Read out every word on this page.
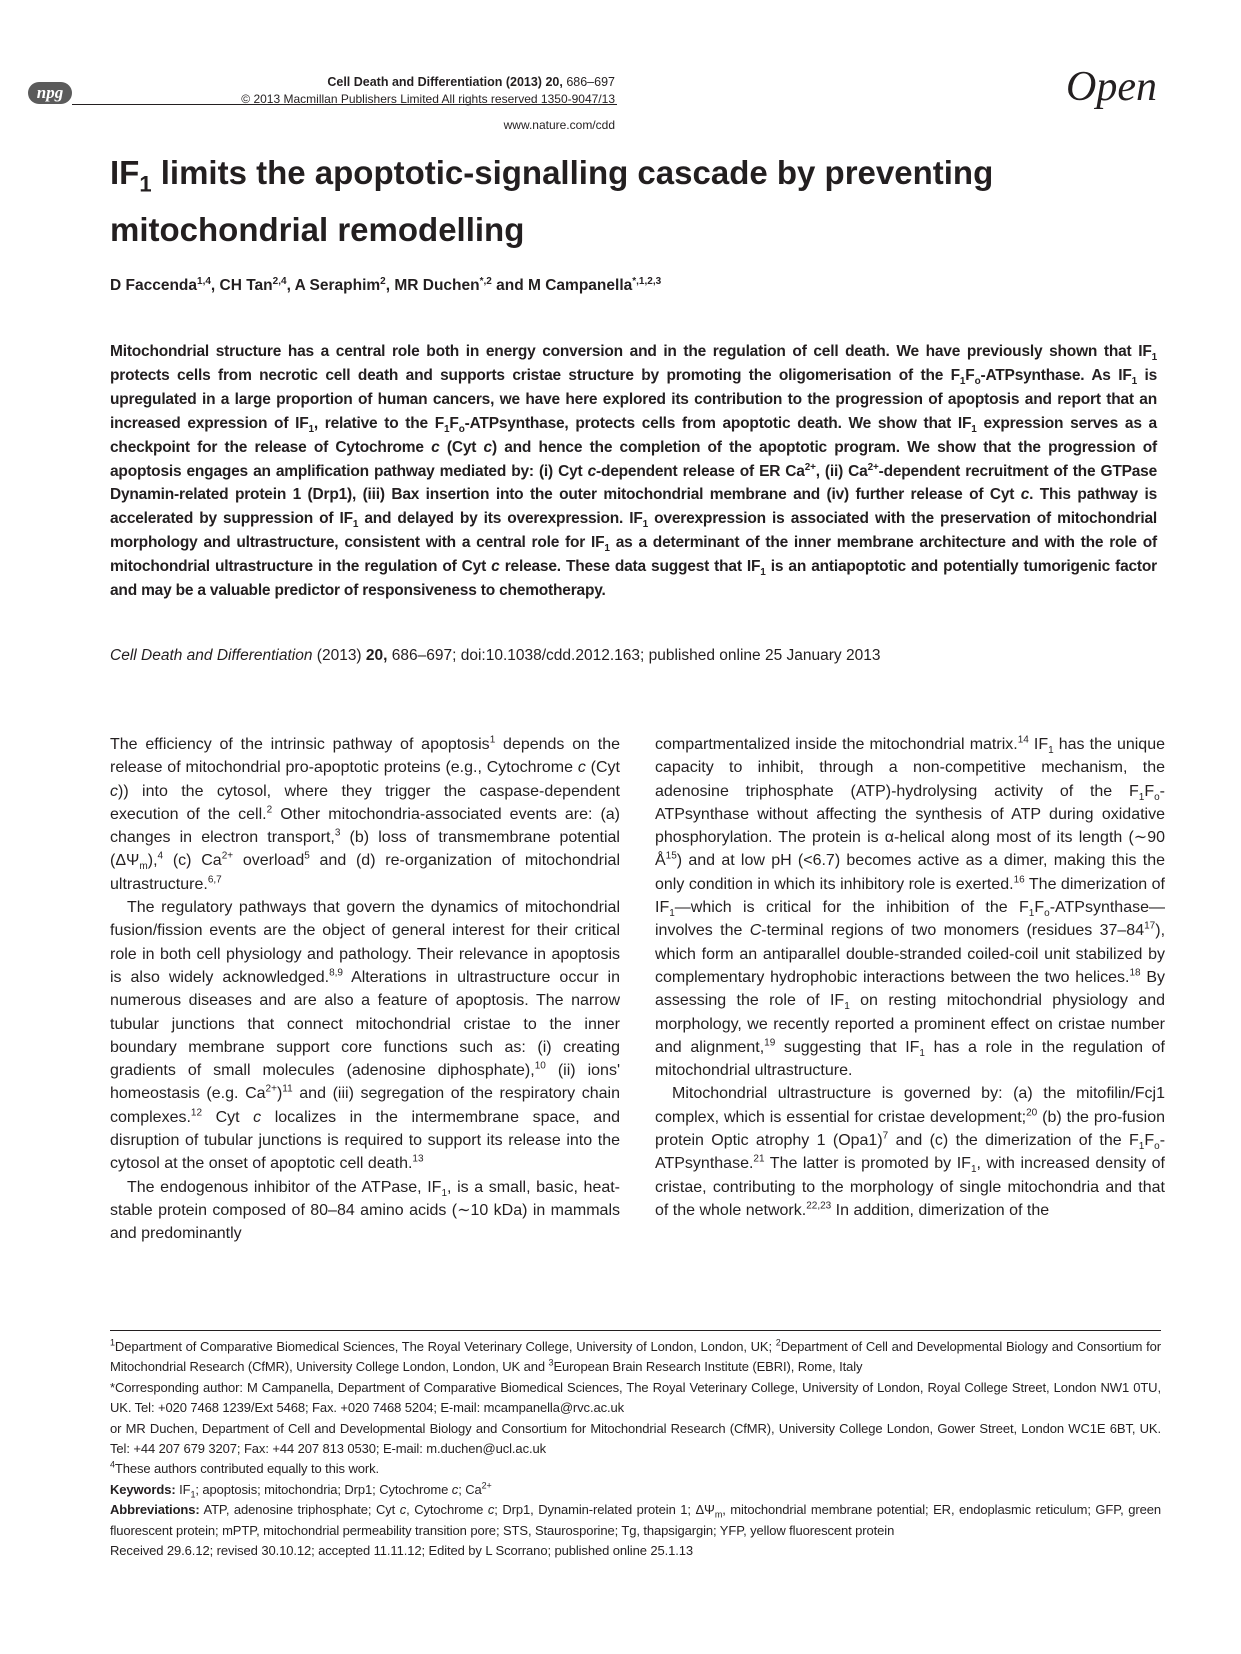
npg
Cell Death and Differentiation (2013) 20, 686–697
© 2013 Macmillan Publishers Limited All rights reserved 1350-9047/13
www.nature.com/cdd
Open
$IF_1$ limits the apoptotic-signalling cascade by preventing mitochondrial remodelling
D Faccenda$^{1,4}$, CH Tan$^{2,4}$, A Seraphim$^2$, MR Duchen$^{*,2}$ and M Campanella$^{*,1,2,3}$

Mitochondrial structure has a central role both in energy conversion and in the regulation of cell death. We have previously shown that $IF_1$ protects cells from necrotic cell death and supports cristae structure by promoting the oligomerisation of the $F_1F_o$-ATPsynthase. As $IF_1$ is upregulated in a large proportion of human cancers, we have here explored its contribution to the progression of apoptosis and report that an increased expression of $IF_1$, relative to the $F_1F_o$-ATPsynthase, protects cells from apoptotic death. We show that $IF_1$ expression serves as a checkpoint for the release of Cytochrome c (Cyt c) and hence the completion of the apoptotic program. We show that the progression of apoptosis engages an amplification pathway mediated by: (i) Cyt c-dependent release of ER $Ca^{2+}$, (ii) $Ca^{2+}$-dependent recruitment of the GTPase Dynamin-related protein 1 (Drp1), (iii) Bax insertion into the outer mitochondrial membrane and (iv) further release of Cyt c. This pathway is accelerated by suppression of $IF_1$ and delayed by its overexpression. $IF_1$ overexpression is associated with the preservation of mitochondrial morphology and ultrastructure, consistent with a central role for $IF_1$ as a determinant of the inner membrane architecture and with the role of mitochondrial ultrastructure in the regulation of Cyt c release. These data suggest that $IF_1$ is an antiapoptotic and potentially tumorigenic factor and may be a valuable predictor of responsiveness to chemotherapy.

Cell Death and Differentiation (2013) 20, 686–697; doi:10.1038/cdd.2012.163; published online 25 January 2013

The efficiency of the intrinsic pathway of apoptosis$^1$ depends on the release of mitochondrial pro-apoptotic proteins (e.g., Cytochrome c (Cyt c)) into the cytosol, where they trigger the caspase-dependent execution of the cell.$^2$ Other mitochondria-associated events are: (a) changes in electron transport,$^3$ (b) loss of transmembrane potential $(\Delta\Psi_m),^4$ (c) $Ca^{2+}$ overload$^5$ and (d) re-organization of mitochondrial ultrastructure.$^{6,7}$

The regulatory pathways that govern the dynamics of mitochondrial fusion/fission events are the object of general interest for their critical role in both cell physiology and pathology. Their relevance in apoptosis is also widely acknowledged.$^{8,9}$ Alterations in ultrastructure occur in numerous diseases and are also a feature of apoptosis. The narrow tubular junctions that connect mitochondrial cristae to the inner boundary membrane support core functions such as: (i) creating gradients of small molecules (adenosine diphosphate),$^{10}$ (ii) ions' homeostasis (e.g. $Ca^{2+})^{11}$ and (iii) segregation of the respiratory chain complexes.$^{12}$ Cyt c localizes in the intermembrane space, and disruption of tubular junctions is required to support its release into the cytosol at the onset of apoptotic cell death.$^{13}$

The endogenous inhibitor of the ATPase, $IF_1$, is a small, basic, heat-stable protein composed of 80–84 amino acids (∼10 kDa) in mammals and predominantly

compartmentalized inside the mitochondrial matrix.$^{14}$ $IF_1$ has the unique capacity to inhibit, through a non-competitive mechanism, the adenosine triphosphate (ATP)-hydrolysing activity of the $F_1F_o$-ATPsynthase without affecting the synthesis of ATP during oxidative phosphorylation. The protein is α-helical along most of its length (∼90 $Å^{15}$) and at low pH (<6.7) becomes active as a dimer, making this the only condition in which its inhibitory role is exerted.$^{16}$ The dimerization of $IF_1—which$ is critical for the inhibition of the $F_1F_o-ATPsynthase—involves$ the C-terminal regions of two monomers (residues $37-84^{17}$), which form an antiparallel double-stranded coiled-coil unit stabilized by complementary hydrophobic interactions between the two helices.$^{18}$ By assessing the role of $IF_1$ on resting mitochondrial physiology and morphology, we recently reported a prominent effect on cristae number and alignment,$^{19}$ suggesting that $IF_1$ has a role in the regulation of mitochondrial ultrastructure.

Mitochondrial ultrastructure is governed by: (a) the mitofilin/Fcj1 complex, which is essential for cristae development;$^{20}$ (b) the pro-fusion protein Optic atrophy 1 $(Opa1)^7$ and (c) the dimerization of the $F_1F_o-ATPsynthase.^{21}$ The latter is promoted by $IF_1$, with increased density of cristae, contributing to the morphology of single mitochondria and that of the whole network.$^{22,23}$ In addition, dimerization of the

$^1$Department of Comparative Biomedical Sciences, The Royal Veterinary College, University of London, London, UK; $^2$Department of Cell and Developmental Biology and Consortium for Mitochondrial Research (CfMR), University College London, London, UK and $^3$European Brain Research Institute (EBRI), Rome, Italy

*Corresponding author: M Campanella, Department of Comparative Biomedical Sciences, The Royal Veterinary College, University of London, Royal College Street, London NW1 0TU, UK. Tel: +020 7468 1239/Ext 5468; Fax. +020 7468 5204; E-mail: mcampanella@rvc.ac.uk

or MR Duchen, Department of Cell and Developmental Biology and Consortium for Mitochondrial Research (CfMR), University College London, Gower Street, London WC1E 6BT, UK. Tel: +44 207 679 3207; Fax: +44 207 813 0530; E-mail: m.duchen@ucl.ac.uk

$^4$These authors contributed equally to this work.

Keywords: $IF_1$; apoptosis; mitochondria; Drp1; Cytochrome c; $Ca^{2+}$

Abbreviations: ATP, adenosine triphosphate; Cyt c, Cytochrome c; Drp1, Dynamin-related protein 1; $\Delta\Psi_m$, mitochondrial membrane potential; ER, endoplasmic reticulum; GFP, green fluorescent protein; mPTP, mitochondrial permeability transition pore; STS, Staurosporine; Tg, thapsigargin; YFP, yellow fluorescent protein

Received 29.6.12; revised 30.10.12; accepted 11.11.12; Edited by L Scorrano; published online 25.1.13
